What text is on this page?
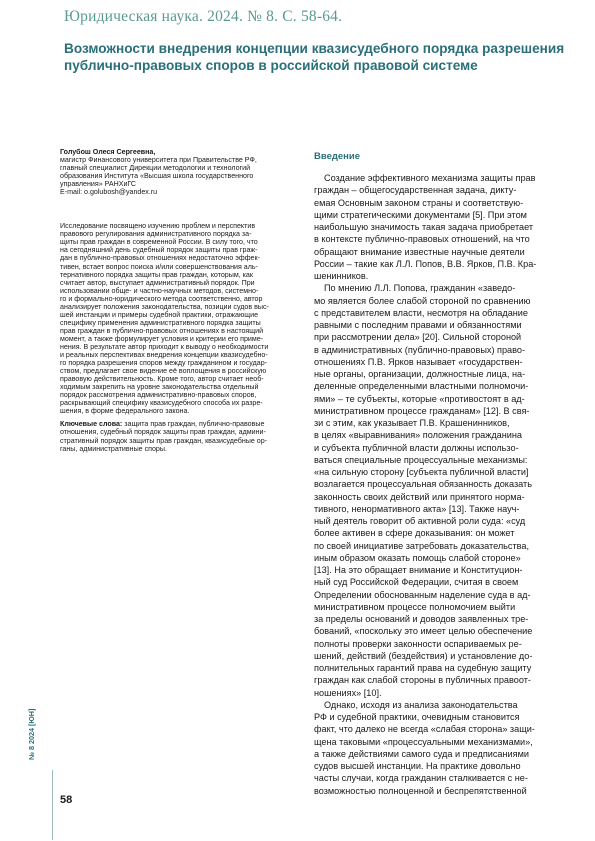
Юридическая наука. 2024. № 8. С. 58-64.
Возможности внедрения концепции квазисудебного порядка разрешения
публично-правовых споров в российской правовой системе
Голубош Олеся Сергеевна,
магистр Финансового университета при Правительстве РФ,
главный специалист Дирекции методологии и технологий
образования Института «Высшая школа государственного
управления» РАНХиГС
E-mail: o.golubosh@yandex.ru
Исследование посвящено изучению проблем и перспектив
правового регулирования административного порядка за-
щиты прав граждан в современной России. В силу того, что
на сегодняшний день судебный порядок защиты прав граж-
дан в публично-правовых отношениях недостаточно эффек-
тивен, встает вопрос поиска и/или совершенствования аль-
тернативного порядка защиты прав граждан, которым, как
считает автор, выступает административный порядок. При
использовании обще- и частно-научных методов, системно-
го и формально-юридического метода соответственно, автор
анализирует положения законодательства, позиции судов выс-
шей инстанции и примеры судебной практики, отражающие
специфику применения административного порядка защиты
прав граждан в публично-правовых отношениях в настоящий
момент, а также формулирует условия и критерии его приме-
нения. В результате автор приходит к выводу о необходимости
и реальных перспективах внедрения концепции квазисудебно-
го порядка разрешения споров между гражданином и государ-
ством, предлагает свое видение её воплощения в российскую
правовую действительность. Кроме того, автор считает необ-
ходимым закрепить на уровне законодательства отдельный
порядок рассмотрения административно-правовых споров,
раскрывающий специфику квазисудебного способа их разре-
шения, в форме федерального закона.
Ключевые слова: защита прав граждан, публично-правовые
отношения, судебный порядок защиты прав граждан, админи-
стративный порядок защиты прав граждан, квазисудебные ор-
ганы, административные споры.
Введение
Создание эффективного механизма защиты прав
граждан – общегосударственная задача, дикту-
емая Основным законом страны и соответствую-
щими стратегическими документами [5]. При этом
наибольшую значимость такая задача приобретает
в контексте публично-правовых отношений, на что
обращают внимание известные научные деятели
России – такие как Л.Л. Попов, В.В. Ярков, П.В. Кра-
шенинников.
По мнению Л.Л. Попова, гражданин «заведо-
мо является более слабой стороной по сравнению
с представителем власти, несмотря на обладание
равными с последним правами и обязанностями
при рассмотрении дела» [20]. Сильной стороной
в административных (публично-правовых) право-
отношениях П.В. Ярков называет «государствен-
ные органы, организации, должностные лица, на-
деленные определенными властными полномочи-
ями» – те субъекты, которые «противостоят в ад-
министративном процессе гражданам» [12]. В свя-
зи с этим, как указывает П.В. Крашенинников,
в целях «выравнивания» положения гражданина
и субъекта публичной власти должны использо-
ваться специальные процессуальные механизмы:
«на сильную сторону [субъекта публичной власти]
возлагается процессуальная обязанность доказать
законность своих действий или принятого норма-
тивного, ненормативного акта» [13]. Также науч-
ный деятель говорит об активной роли суда: «суд
более активен в сфере доказывания: он может
по своей инициативе затребовать доказательства,
иным образом оказать помощь слабой стороне»
[13]. На это обращает внимание и Конституцион-
ный суд Российской Федерации, считая в своем
Определении обоснованным наделение суда в ад-
министративном процессе полномочием выйти
за пределы оснований и доводов заявленных тре-
бований, «поскольку это имеет целью обеспечение
полноты проверки законности оспариваемых ре-
шений, действий (бездействия) и установление до-
полнительных гарантий права на судебную защиту
граждан как слабой стороны в публичных правоот-
ношениях» [10].
Однако, исходя из анализа законодательства
РФ и судебной практики, очевидным становится
факт, что далеко не всегда «слабая сторона» защи-
щена таковыми «процессуальными механизмами»,
а также действиями самого суда и предписаниями
судов высшей инстанции. На практике довольно
часты случаи, когда гражданин сталкивается с не-
возможностью полноценной и беспрепятственной
№ 8 2024 [ЮН]
58
